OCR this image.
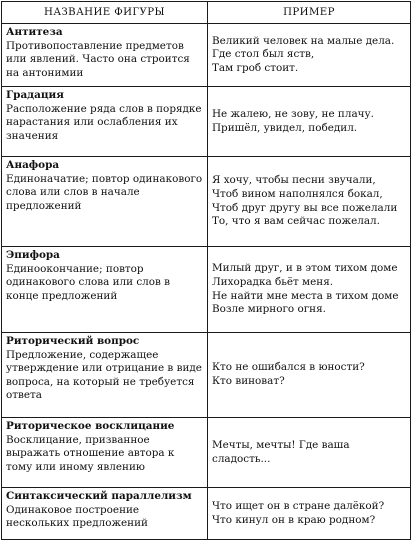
НАЗВАНИЕ ФИГУРЫ	ПРИМЕР

Антитеза
Противопоставление предметов или явлений. Часто она строится на антонимии	Великий человек на малые дела.
Где стол был яств,
Там гроб стоит.

Градация
Расположение ряда слов в порядке нарастания или ослабления их значения	Не жалею, не зову, не плачу.
Пришёл, увидел, победил.

Анафора
Единоначатие; повтор одинакового слова или слов в начале предложений	Я хочу, чтобы песни звучали,
Чтоб вином наполнялся бокал,
Чтоб друг другу вы все пожелали
То, что я вам сейчас пожелал.

Эпифора
Единоокончание; повтор одинакового слова или слов в конце предложений	Милый друг, и в этом тихом доме
Лихорадка бьёт меня.
Не найти мне места в тихом доме
Возле мирного огня.

Риторический вопрос
Предложение, содержащее утверждение или отрицание в виде вопроса, на который не требуется ответа	Кто не ошибался в юности?
Кто виноват?

Риторическое восклицание
Восклицание, призванное выражать отношение автора к тому или иному явлению	Мечты, мечты! Где ваша сладость...

Синтаксический параллелизм
Одинаковое построение нескольких предложений	Что ищет он в стране далёкой?
Что кинул он в краю родном?
